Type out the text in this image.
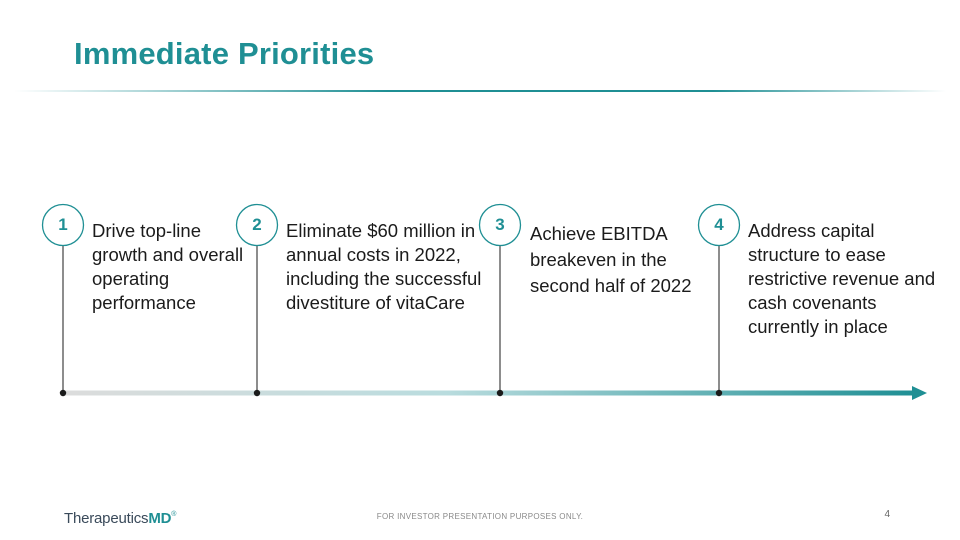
Immediate Priorities
1	2	3	4
Drive top-line growth and overall operating performance
Eliminate $60 million in annual costs in 2022, including the successful divestiture of vitaCare
Achieve EBITDA breakeven in the second half of 2022
Address capital structure to ease restrictive revenue and cash covenants currently in place
TherapeuticsMD®	FOR INVESTOR PRESENTATION PURPOSES ONLY.	4
